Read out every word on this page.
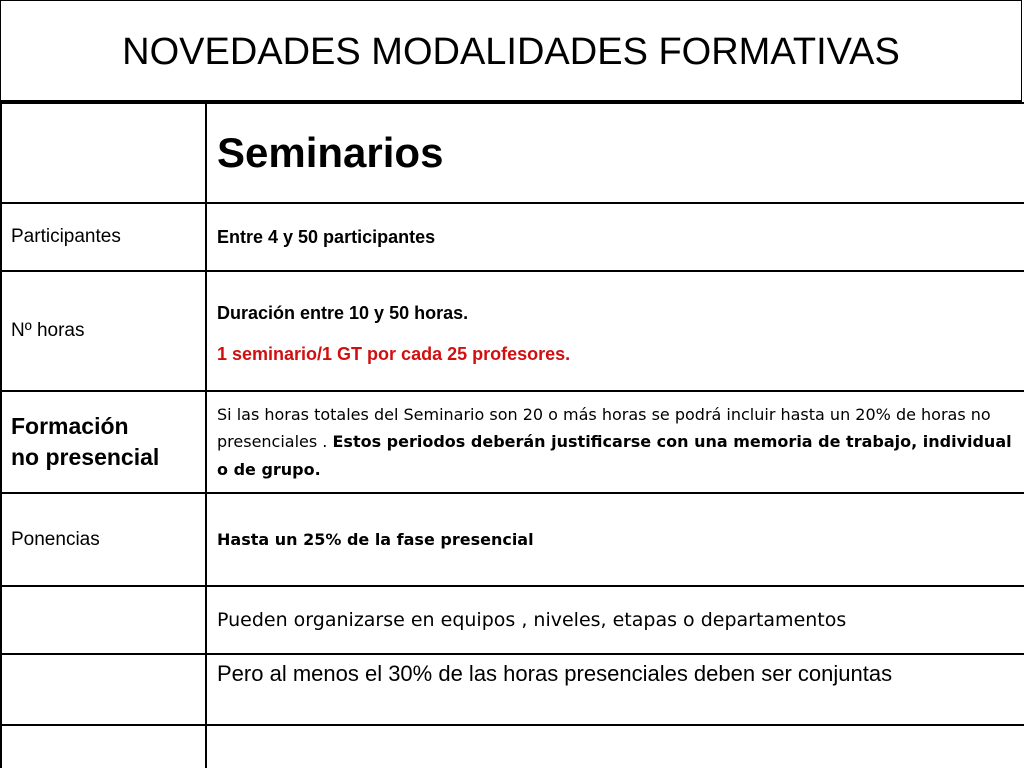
NOVEDADES MODALIDADES FORMATIVAS
	Seminarios
Participantes	Entre 4 y 50 participantes
Nº horas	Duración entre 10 y 50 horas.

1 seminario/1 GT por cada 25 profesores.

Formación
no presencial	Si las horas totales del Seminario son 20 o más horas se podrá incluir hasta un 20% de horas no presenciales . Estos periodos deberán justificarse con una memoria de trabajo, individual o de grupo.

Ponencias	Hasta un 25% de la fase presencial
	Pueden organizarse en equipos , niveles, etapas o departamentos
	Pero al menos el 30% de las horas presenciales deben ser conjuntas
